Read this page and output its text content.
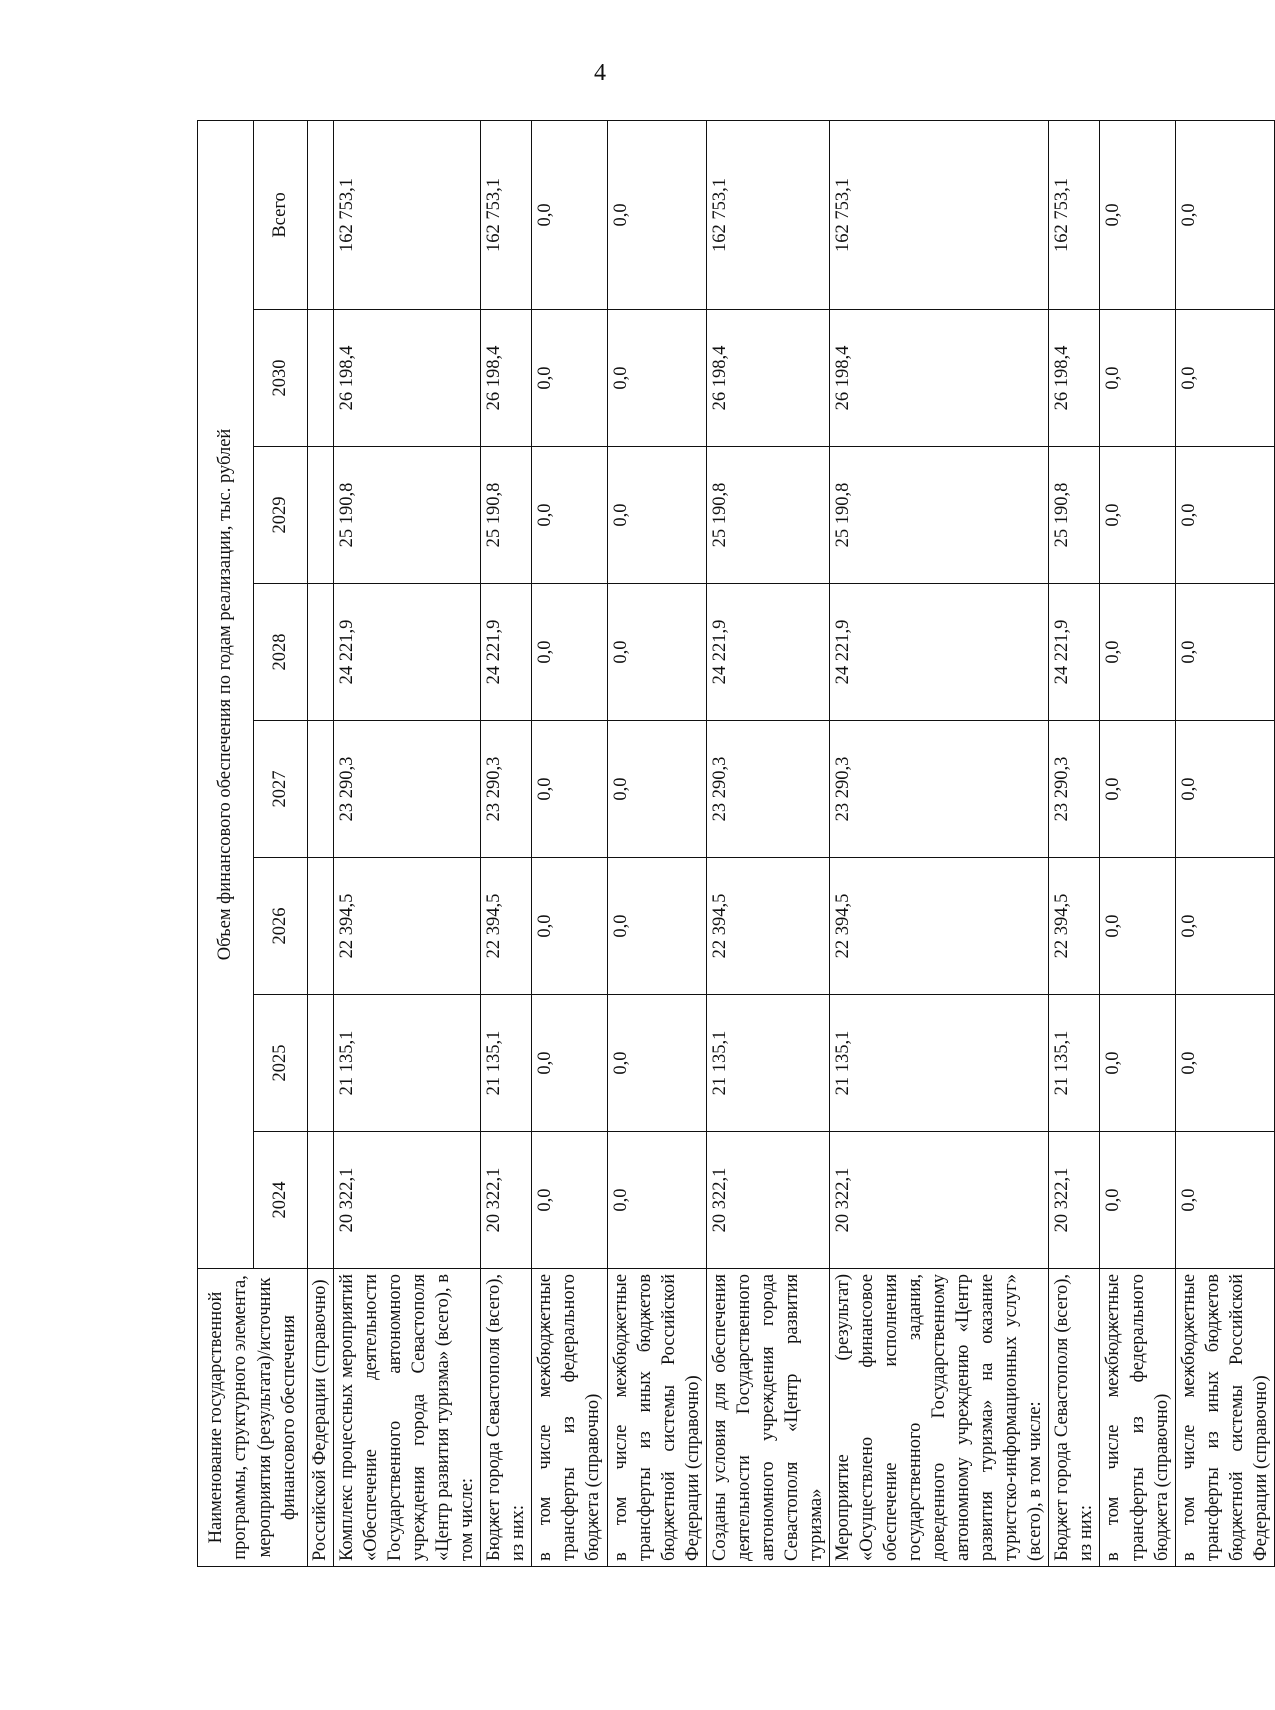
4
Наименование государственной программы, структурного элемента, мероприятия (результата)/источник финансового обеспечения	Объем финансового обеспечения по годам реализации, тыс. рублей							
	2024	2025	2026	2027	2028	2029	2030	Всего
Российской Федерации (справочно)								
Комплекс процессных мероприятий «Обеспечение деятельности Государственного автономного учреждения города Севастополя «Центр развития туризма» (всего), в том числе:	20 322,1	21 135,1	22 394,5	23 290,3	24 221,9	25 190,8	26 198,4	162 753,1
Бюджет города Севастополя (всего), из них:	20 322,1	21 135,1	22 394,5	23 290,3	24 221,9	25 190,8	26 198,4	162 753,1
в том числе межбюджетные трансферты из федерального бюджета (справочно)	0,0	0,0	0,0	0,0	0,0	0,0	0,0	0,0
в том числе межбюджетные трансферты из иных бюджетов бюджетной системы Российской Федерации (справочно)	0,0	0,0	0,0	0,0	0,0	0,0	0,0	0,0
Созданы условия для обеспечения деятельности Государственного автономного учреждения города Севастополя «Центр развития туризма»	20 322,1	21 135,1	22 394,5	23 290,3	24 221,9	25 190,8	26 198,4	162 753,1
Мероприятие (результат) «Осуществлено финансовое обеспечение исполнения государственного задания, доведенного Государственному автономному учреждению «Центр развития туризма» на оказание туристско-информационных услуг» (всего), в том числе:	20 322,1	21 135,1	22 394,5	23 290,3	24 221,9	25 190,8	26 198,4	162 753,1
Бюджет города Севастополя (всего), из них:	20 322,1	21 135,1	22 394,5	23 290,3	24 221,9	25 190,8	26 198,4	162 753,1
в том числе межбюджетные трансферты из федерального бюджета (справочно)	0,0	0,0	0,0	0,0	0,0	0,0	0,0	0,0
в том числе межбюджетные трансферты из иных бюджетов бюджетной системы Российской Федерации (справочно)	0,0	0,0	0,0	0,0	0,0	0,0	0,0	0,0
